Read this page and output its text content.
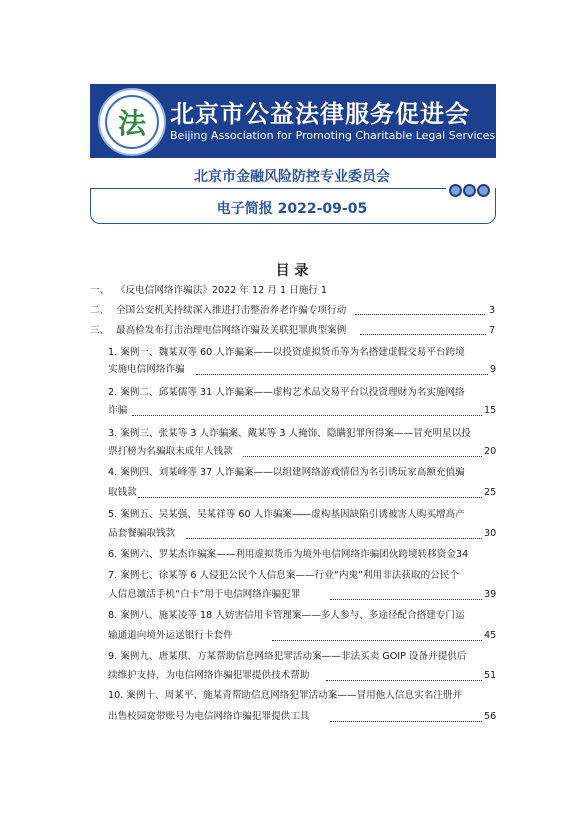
法	北京市公益法律服务促进会
Beijing Association for Promoting Charitable Legal Services
北京市金融风险防控专业委员会
电子简报 2022-09-05
目 录
一、 《反电信网络诈骗法》2022 年 12 月 1 日施行 1
二、 全国公安机关持续深入推进打击整治养老诈骗专项行动	3
三、 最高检发布打击治理电信网络诈骗及关联犯罪典型案例	7
1. 案例一、魏某双等 60 人诈骗案——以投资虚拟货币等为名搭建虚假交易平台跨境
实施电信网络诈骗	9
2. 案例二、邱某儒等 31 人诈骗案——虚构艺术品交易平台以投资理财为名实施网络
诈骗	15
3. 案例三、张某等 3 人诈骗案、戴某等 3 人掩饰、隐瞒犯罪所得案——冒充明星以投
票打榜为名骗取未成年人钱款	20
4. 案例四、刘某峰等 37 人诈骗案——以组建网络游戏情侣为名引诱玩家高额充值骗
取钱款	25
5. 案例五、吴某强、吴某祥等 60 人诈骗案——虚构基因缺陷引诱被害人购买增高产
品套餐骗取钱款	30
6. 案例六、罗某杰诈骗案——利用虚拟货币为境外电信网络诈骗团伙跨境转移资金34
7. 案例七、徐某等 6 人侵犯公民个人信息案——行业“内鬼”利用非法获取的公民个
人信息激活手机“白卡”用于电信网络诈骗犯罪	39
8. 案例八、施某凌等 18 人妨害信用卡管理案——多人参与、多途径配合搭建专门运
输通道向境外运送银行卡套件	45
9. 案例九、唐某琪、方某帮助信息网络犯罪活动案——非法买卖 GOIP 设备并提供后
续维护支持，为电信网络诈骗犯罪提供技术帮助	51
10. 案例十、周某平、施某青帮助信息网络犯罪活动案——冒用他人信息实名注册并
出售校园宽带账号为电信网络诈骗犯罪提供工具	56
